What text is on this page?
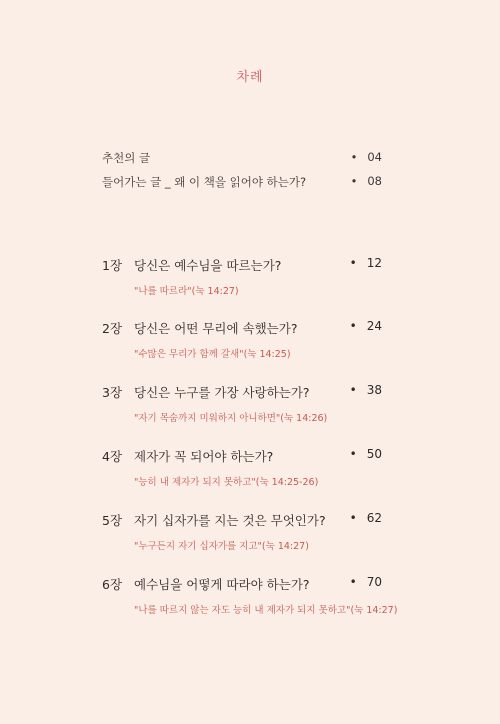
차례
추천의 글	• 04
들어가는 글 _ 왜 이 책을 읽어야 하는가?	• 08
1장 당신은 예수님을 따르는가?	• 12
"나를 따르라"(눅 14:27)
2장 당신은 어떤 무리에 속했는가?	• 24
"수많은 무리가 함께 갈새"(눅 14:25)
3장 당신은 누구를 가장 사랑하는가?	• 38
"자기 목숨까지 미워하지 아니하면"(눅 14:26)
4장 제자가 꼭 되어야 하는가?	• 50
"능히 내 제자가 되지 못하고"(눅 14:25-26)
5장 자기 십자가를 지는 것은 무엇인가? • 62
"누구든지 자기 십자가를 지고"(눅 14:27)
6장 예수님을 어떻게 따라야 하는가?	• 70
"나를 따르지 않는 자도 능히 내 제자가 되지 못하고"(눅 14:27)
